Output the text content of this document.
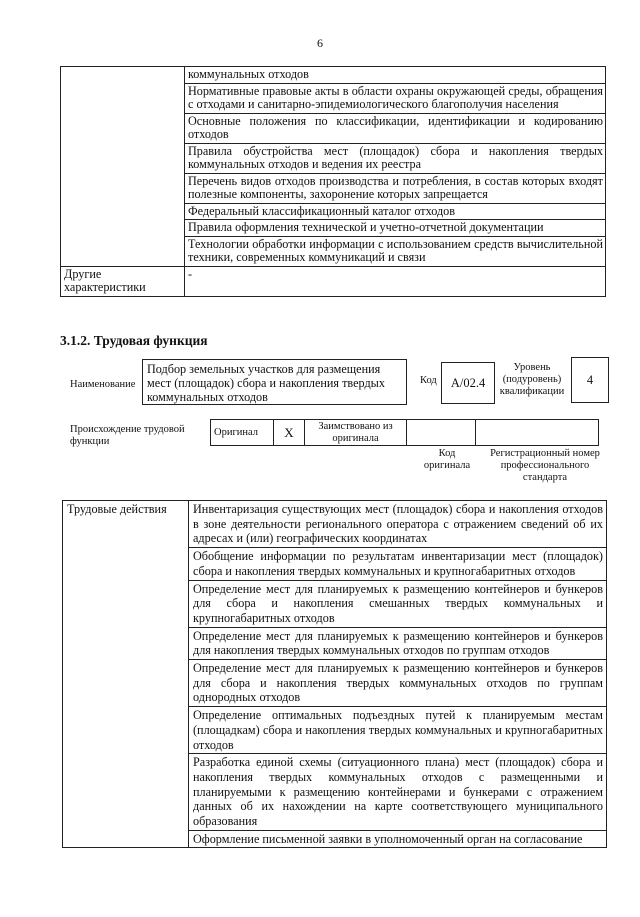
6
	коммунальных отходов
	Нормативные правовые акты в области охраны окружающей среды, обращения с отходами и санитарно-эпидемиологического благополучия населения
	Основные положения по классификации, идентификации и кодированию отходов
	Правила обустройства мест (площадок) сбора и накопления твердых коммунальных отходов и ведения их реестра
	Перечень видов отходов производства и потребления, в состав которых входят полезные компоненты, захоронение которых запрещается
	Федеральный классификационный каталог отходов
	Правила оформления технической и учетно-отчетной документации
	Технологии обработки информации с использованием средств вычислительной техники, современных коммуникаций и связи
Другие характеристики	-
3.1.2. Трудовая функция
Наименование
Подбор земельных участков для размещения мест (площадок) сбора и накопления твердых коммунальных отходов
Код	А/02.4
Уровень (подуровень) квалификации
4
Происхождение трудовой функции
Оригинал	X	Заимствовано из оригинала		
Код оригинала
Регистрационный номер профессионального стандарта
Трудовые действия	Инвентаризация существующих мест (площадок) сбора и накопления отходов в зоне деятельности регионального оператора с отражением сведений об их адресах и (или) географических координатах
Обобщение информации по результатам инвентаризации мест (площадок) сбора и накопления твердых коммунальных и крупногабаритных отходов
Определение мест для планируемых к размещению контейнеров и бункеров для сбора и накопления смешанных твердых коммунальных и крупногабаритных отходов
Определение мест для планируемых к размещению контейнеров и бункеров для накопления твердых коммунальных отходов по группам отходов
Определение мест для планируемых к размещению контейнеров и бункеров для сбора и накопления твердых коммунальных отходов по группам однородных отходов
Определение оптимальных подъездных путей к планируемым местам (площадкам) сбора и накопления твердых коммунальных и крупногабаритных отходов
Разработка единой схемы (ситуационного плана) мест (площадок) сбора и накопления твердых коммунальных отходов с размещенными и планируемыми к размещению контейнерами и бункерами с отражением данных об их нахождении на карте соответствующего муниципального образования
Оформление письменной заявки в уполномоченный орган на согласование
